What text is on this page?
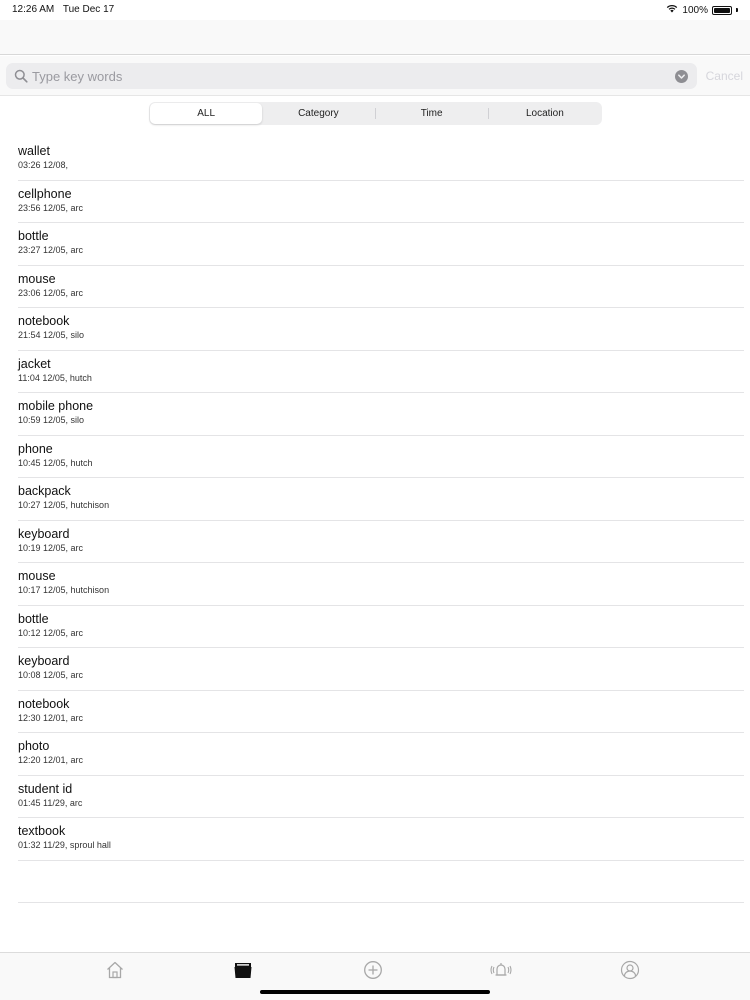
12:26 AM Tue Dec 17	100%
Type key words
Cancel
ALL	Category	Time	Location
wallet
03:26 12/08,
cellphone
23:56 12/05, arc
bottle
23:27 12/05, arc
mouse
23:06 12/05, arc
notebook
21:54 12/05, silo
jacket
11:04 12/05, hutch
mobile phone
10:59 12/05, silo
phone
10:45 12/05, hutch
backpack
10:27 12/05, hutchison
keyboard
10:19 12/05, arc
mouse
10:17 12/05, hutchison
bottle
10:12 12/05, arc
keyboard
10:08 12/05, arc
notebook
12:30 12/01, arc
photo
12:20 12/01, arc
student id
01:45 11/29, arc
textbook
01:32 11/29, sproul hall
